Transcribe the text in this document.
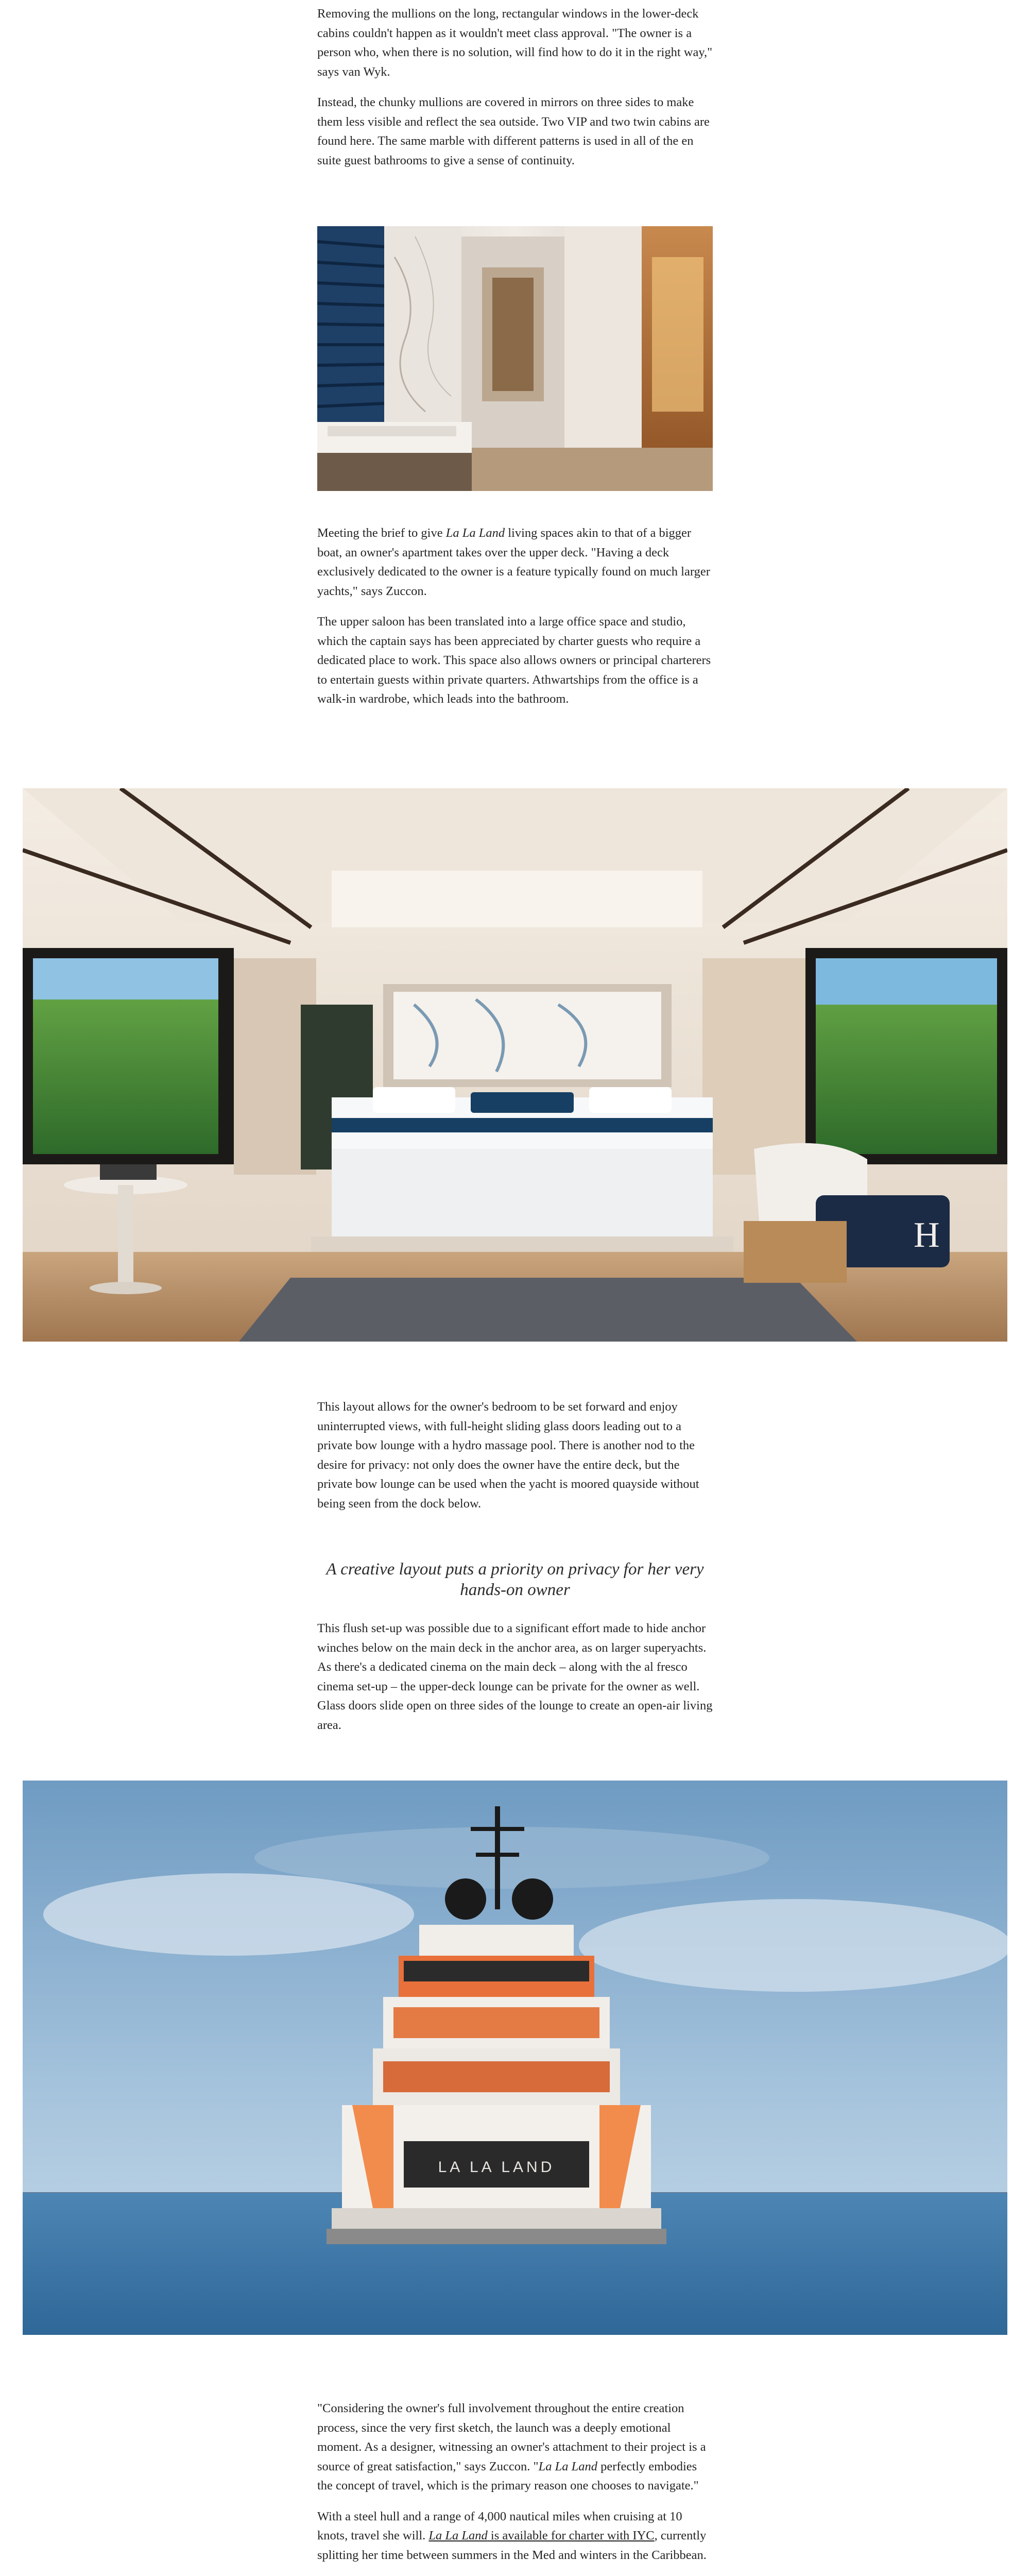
Removing the mullions on the long, rectangular windows in the lower-deck cabins couldn't happen as it wouldn't meet class approval. "The owner is a person who, when there is no solution, will find how to do it in the right way," says van Wyk.

Instead, the chunky mullions are covered in mirrors on three sides to make them less visible and reflect the sea outside. Two VIP and two twin cabins are found here. The same marble with different patterns is used in all of the en suite guest bathrooms to give a sense of continuity.

Meeting the brief to give La La Land living spaces akin to that of a bigger boat, an owner's apartment takes over the upper deck. "Having a deck exclusively dedicated to the owner is a feature typically found on much larger yachts," says Zuccon.

The upper saloon has been translated into a large office space and studio, which the captain says has been appreciated by charter guests who require a dedicated place to work. This space also allows owners or principal charterers to entertain guests within private quarters. Athwartships from the office is a walk-in wardrobe, which leads into the bathroom.

H

This layout allows for the owner's bedroom to be set forward and enjoy uninterrupted views, with full-height sliding glass doors leading out to a private bow lounge with a hydro massage pool. There is another nod to the desire for privacy: not only does the owner have the entire deck, but the private bow lounge can be used when the yacht is moored quayside without being seen from the dock below.

A creative layout puts a priority on privacy for her very hands-on owner

This flush set-up was possible due to a significant effort made to hide anchor winches below on the main deck in the anchor area, as on larger superyachts. As there's a dedicated cinema on the main deck – along with the al fresco cinema set-up – the upper-deck lounge can be private for the owner as well. Glass doors slide open on three sides of the lounge to create an open-air living area.

LA LA LAND

"Considering the owner's full involvement throughout the entire creation process, since the very first sketch, the launch was a deeply emotional moment. As a designer, witnessing an owner's attachment to their project is a source of great satisfaction," says Zuccon. "La La Land perfectly embodies the concept of travel, which is the primary reason one chooses to navigate."

With a steel hull and a range of 4,000 nautical miles when cruising at 10 knots, travel she will. La La Land is available for charter with IYC, currently splitting her time between summers in the Med and winters in the Caribbean.
